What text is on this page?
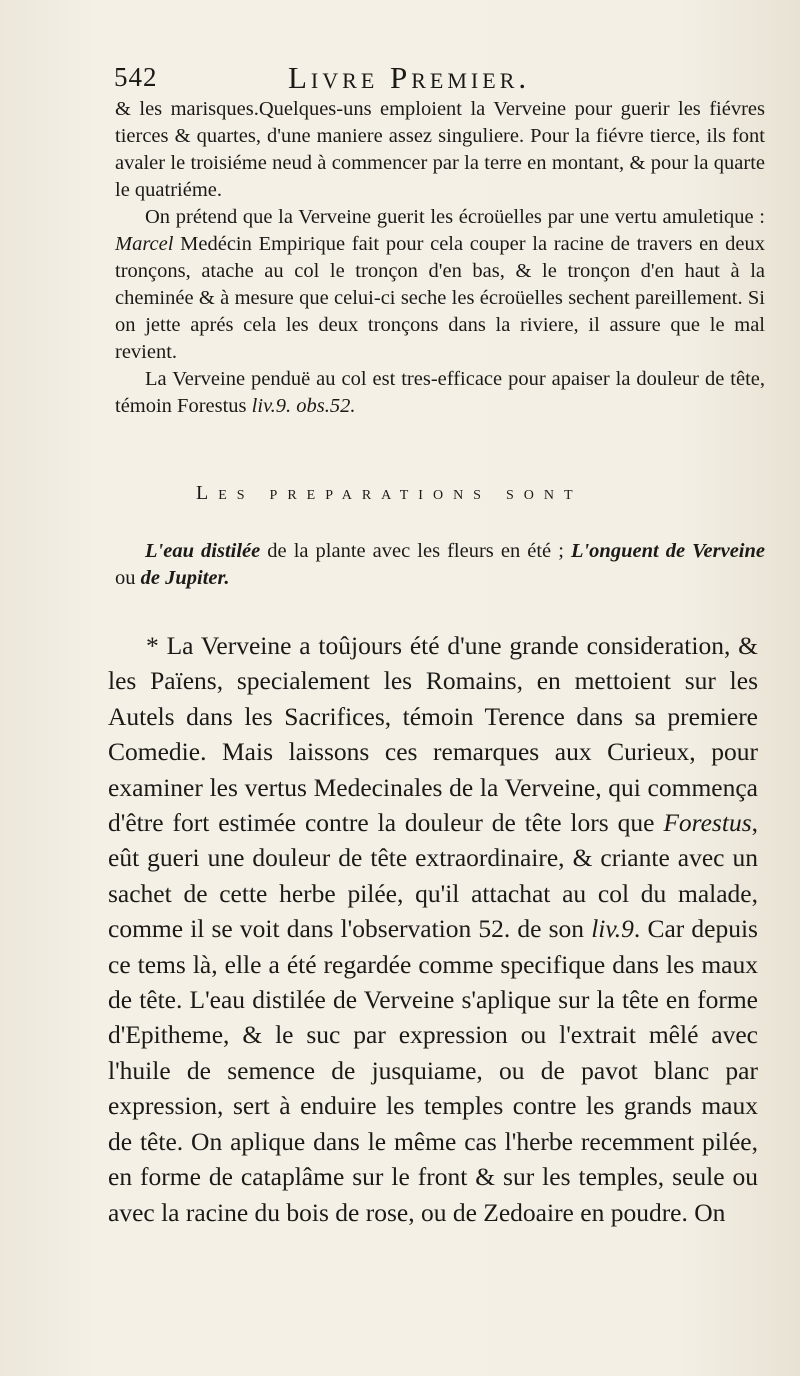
542	Livre Premier.

& les marisques.Quelques-uns emploient la Verveine pour guerir les fiévres tierces & quartes, d'une maniere assez singuliere. Pour la fiévre tierce, ils font avaler le troisiéme neud à commencer par la terre en montant, & pour la quarte le quatriéme.

On prétend que la Verveine guerit les écroüelles par une vertu amuletique : Marcel Medécin Empirique fait pour cela couper la racine de travers en deux tronçons, atache au col le tronçon d'en bas, & le tronçon d'en haut à la cheminée & à mesure que celui-ci seche les écroüelles sechent pareillement. Si on jette aprés cela les deux tronçons dans la riviere, il assure que le mal revient.

La Verveine penduë au col est tres-efficace pour apaiser la douleur de tête, témoin Forestus liv.9. obs.52.

Les preparations sont

L'eau distilée de la plante avec les fleurs en été ; L'onguent de Verveine ou de Jupiter.

* La Verveine a toûjours été d'une grande consideration, & les Païens, specialement les Romains, en mettoient sur les Autels dans les Sacrifices, témoin Terence dans sa premiere Comedie. Mais laissons ces remarques aux Curieux, pour examiner les vertus Medecinales de la Verveine, qui commença d'être fort estimée contre la douleur de tête lors que Forestus, eût gueri une douleur de tête extraordinaire, & criante avec un sachet de cette herbe pilée, qu'il attachat au col du malade, comme il se voit dans l'observation 52. de son liv.9. Car depuis ce tems là, elle a été regardée comme specifique dans les maux de tête. L'eau distilée de Verveine s'aplique sur la tête en forme d'Epitheme, & le suc par expression ou l'extrait mêlé avec l'huile de semence de jusquiame, ou de pavot blanc par expression, sert à enduire les temples contre les grands maux de tête. On aplique dans le même cas l'herbe recemment pilée, en forme de cataplâme sur le front & sur les temples, seule ou avec la racine du bois de rose, ou de Zedoaire en poudre. On
